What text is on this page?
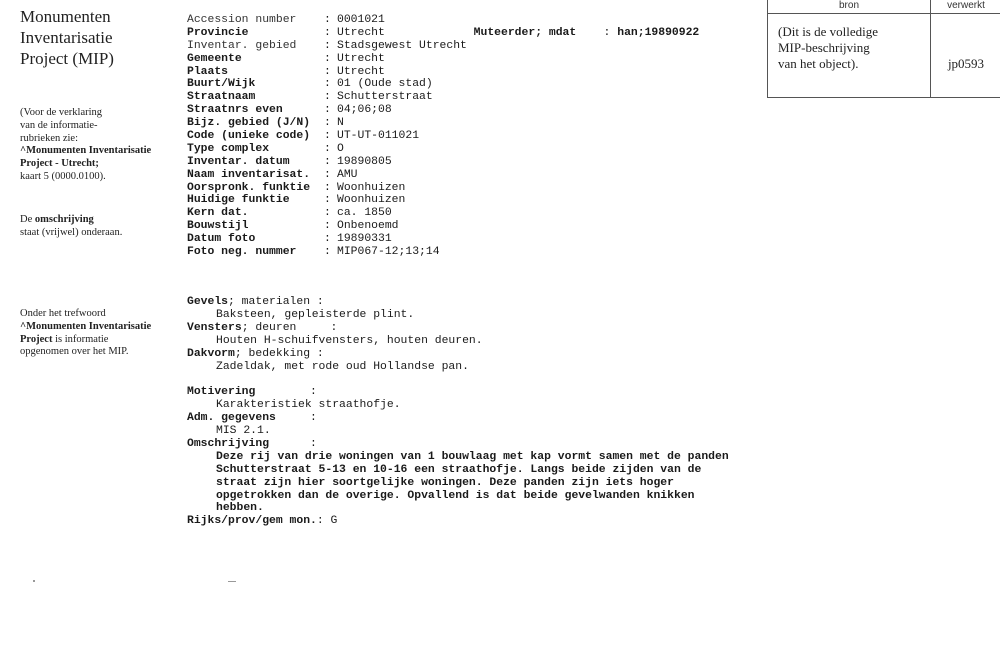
Monumenten
Inventarisatie
Project (MIP)
(Voor de verklaring
van de informatie-
rubrieken zie:
^Monumenten Inventarisatie
Project - Utrecht;
kaart 5 (0000.0100).
De omschrijving
staat (vrijwel) onderaan.
Onder het trefwoord
^Monumenten Inventarisatie
Project is informatie
opgenomen over het MIP.
bron	verwerkt
(Dit is de volledige
MIP-beschrijving
van het object).	jp0593

Muteerder; mdat    : han;19890922

Accession number : 0001021
Provincie	: Utrecht
Inventar. gebied : Stadsgewest Utrecht
Gemeente	: Utrecht
Plaats	: Utrecht
Buurt/Wijk	: 01 (Oude stad)
Straatnaam	: Schutterstraat
Straatnrs even	: 04;06;08
Bijz. gebied (J/N) : N
Code (unieke code) : UT-UT-011021
Type complex	: O
Inventar. datum	: 19890805
Naam inventarisat. : AMU
Oorspronk. funktie : Woonhuizen
Huidige funktie	: Woonhuizen
Kern dat.	: ca. 1850
Bouwstijl	: Onbenoemd
Datum foto	: 19890331
Foto neg. nummer : MIP067-12;13;14
Gevels; materialen :
Baksteen, gepleisterde plint.
Vensters; deuren     :
Houten H-schuifvensters, houten deuren.
Dakvorm; bedekking :
Zadeldak, met rode oud Hollandse pan.
Motivering        :
Karakteristiek straathofje.
Adm. gegevens     :
MIS 2.1.
Omschrijving      :
Deze rij van drie woningen van 1 bouwlaag met kap vormt samen met de panden
Schutterstraat 5-13 en 10-16 een straathofje. Langs beide zijden van de
straat zijn hier soortgelijke woningen. Deze panden zijn iets hoger
opgetrokken dan de overige. Opvallend is dat beide gevelwanden knikken
hebben.
Rijks/prov/gem mon.: G
